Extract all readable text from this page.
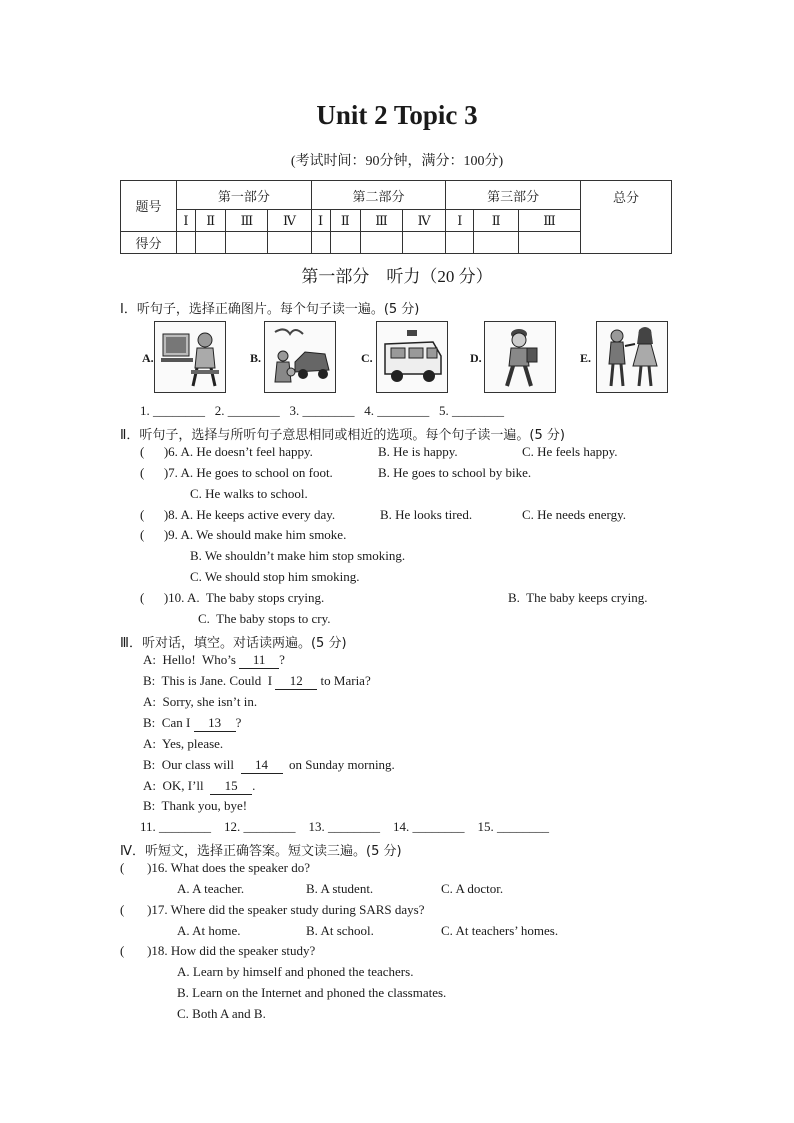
Unit 2 Topic 3
(考试时间：90分钟，满分：100分)
题号	第一部分				第二部分				第三部分			总分
	Ⅰ	Ⅱ	Ⅲ	Ⅳ	Ⅰ	Ⅱ	Ⅲ	Ⅳ	Ⅰ	Ⅱ	Ⅲ	
得分												
第一部分　听力（20 分）
Ⅰ．听句子，选择正确图片。每个句子读一遍。(5 分)
A.	B.	C.	D.	E.
1. ________   2. ________   3. ________   4. ________   5. ________
Ⅱ．听句子，选择与所听句子意思相同或相近的选项。每个句子读一遍。(5 分)
(      )6. A. He doesn’t feel happy.	B. He is happy.	C. He feels happy.
(      )7. A. He goes to school on foot.	B. He goes to school by bike.
C. He walks to school.
(      )8. A. He keeps active every day.	B. He looks tired.	C. He needs energy.
(      )9. A. We should make him smoke.
B. We shouldn’t make him stop smoking.
C. We should stop him smoking.
(      )10. A.  The baby stops crying.	B.  The baby keeps crying.
C.  The baby stops to cry.
Ⅲ．听对话，填空。对话读两遍。(5 分)
A:  Hello!  Who’s 11 ?
B:  This is Jane. Could  I 12 to Maria?
A:  Sorry, she isn’t in.
B:  Can I 13 ?
A:  Yes, please.
B:  Our class will  14  on Sunday morning.
A:  OK, I’ll  15 .
B:  Thank you, bye!
11. ________    12. ________    13. ________    14. ________    15. ________
Ⅳ．听短文，选择正确答案。短文读三遍。(5 分)
(       )16. What does the speaker do?
A. A teacher.	B. A student.	C. A doctor.
(       )17. Where did the speaker study during SARS days?
A. At home.	B. At school.	C. At teachers’ homes.
(       )18. How did the speaker study?
A. Learn by himself and phoned the teachers.
B. Learn on the Internet and phoned the classmates.
C. Both A and B.
